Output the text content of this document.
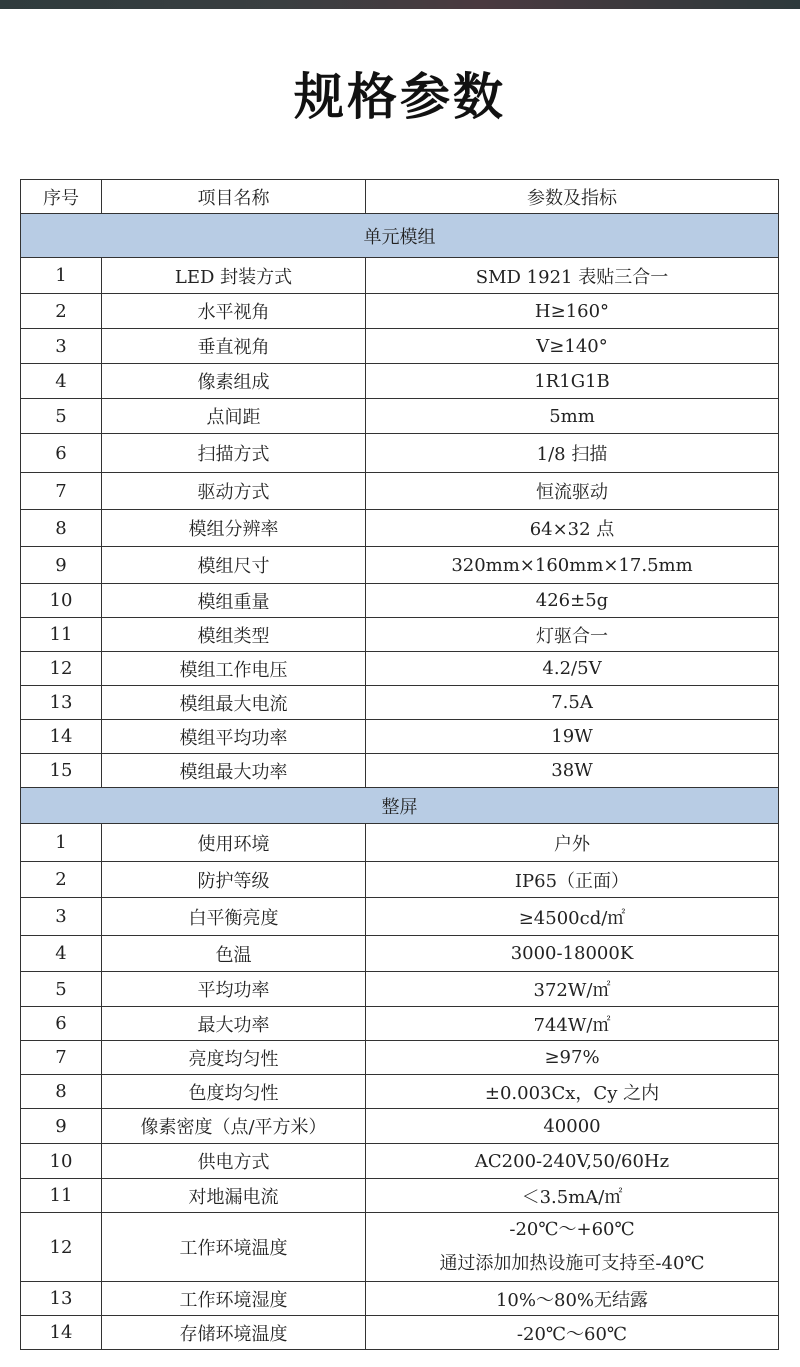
规格参数
序号	项目名称	参数及指标
单元模组		
1	LED 封装方式	SMD 1921 表贴三合一
2	水平视角	H≥160°
3	垂直视角	V≥140°
4	像素组成	1R1G1B
5	点间距	5mm
6	扫描方式	1/8 扫描
7	驱动方式	恒流驱动
8	模组分辨率	64×32 点
9	模组尺寸	320mm×160mm×17.5mm
10	模组重量	426±5g
11	模组类型	灯驱合一
12	模组工作电压	4.2/5V
13	模组最大电流	7.5A
14	模组平均功率	19W
15	模组最大功率	38W
整屏		
1	使用环境	户外
2	防护等级	IP65（正面）
3	白平衡亮度	≥4500cd/㎡
4	色温	3000-18000K
5	平均功率	372W/㎡
6	最大功率	744W/㎡
7	亮度均匀性	≥97%
8	色度均匀性	±0.003Cx，Cy 之内
9	像素密度（点/平方米）	40000
10	供电方式	AC200-240V,50/60Hz
11	对地漏电流	＜3.5mA/㎡
12	工作环境温度	-20℃～+60℃
通过添加加热设施可支持至-40℃

13	工作环境湿度	10%～80%无结露
14	存储环境温度	-20℃～60℃
